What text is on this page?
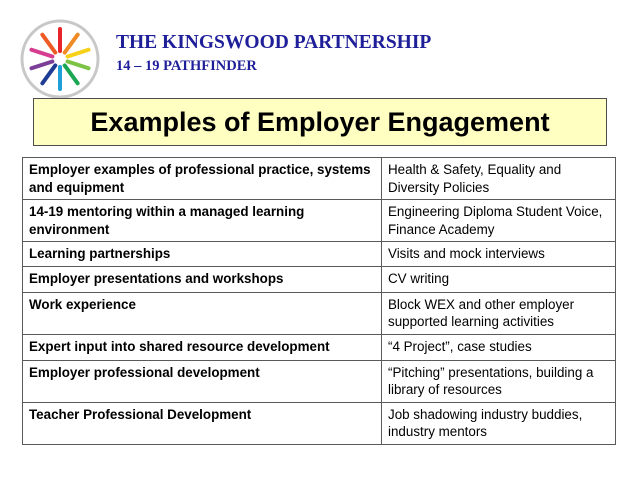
THE KINGSWOOD PARTNERSHIP
14 – 19 PATHFINDER
Examples of Employer Engagement
Employer examples of professional practice, systems and equipment	Health & Safety, Equality and Diversity Policies
14-19 mentoring within a managed learning environment	Engineering Diploma Student Voice, Finance Academy
Learning partnerships	Visits and mock interviews
Employer presentations and workshops	CV writing
Work experience	Block WEX and other employer supported learning activities
Expert input into shared resource development	“4 Project”, case studies
Employer professional development	“Pitching” presentations, building a library of resources
Teacher Professional Development	Job shadowing industry buddies, industry mentors
